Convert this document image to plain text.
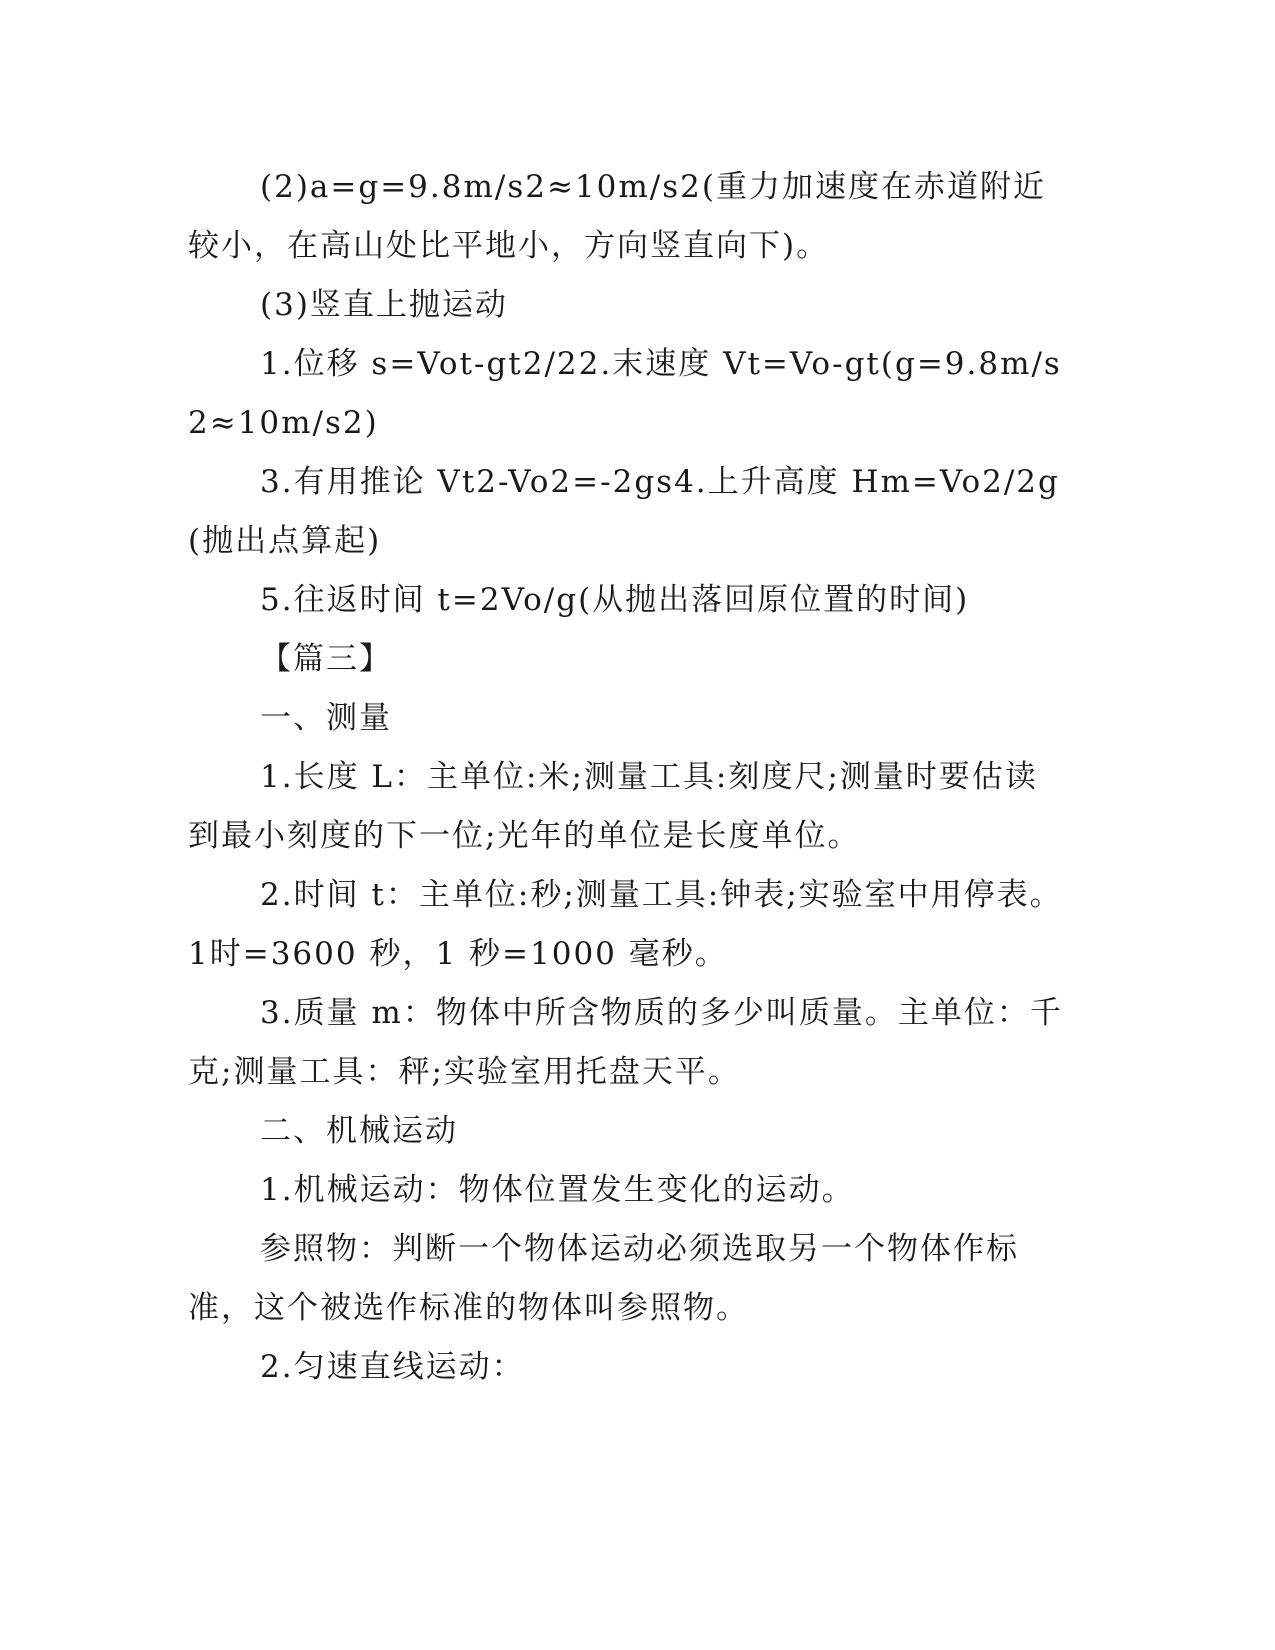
(2)a=g=9.8m/s2≈10m/s2(重力加速度在赤道附近较小，在高山处比平地小，方向竖直向下)。

(3)竖直上抛运动

1.位移 s=Vot-gt2/22.末速度 Vt=Vo-gt(g=9.8m/s2≈10m/s2)

3.有用推论 Vt2-Vo2=-2gs4.上升高度 Hm=Vo2/2g(抛出点算起)

5.往返时间 t=2Vo/g(从抛出落回原位置的时间)

【篇三】

一、测量

1.长度 L：主单位:米;测量工具:刻度尺;测量时要估读到最小刻度的下一位;光年的单位是长度单位。

2.时间 t：主单位:秒;测量工具:钟表;实验室中用停表。1时=3600 秒，1 秒=1000 毫秒。

3.质量 m：物体中所含物质的多少叫质量。主单位：千克;测量工具：秤;实验室用托盘天平。

二、机械运动

1.机械运动：物体位置发生变化的运动。

参照物：判断一个物体运动必须选取另一个物体作标准，这个被选作标准的物体叫参照物。

2.匀速直线运动：
